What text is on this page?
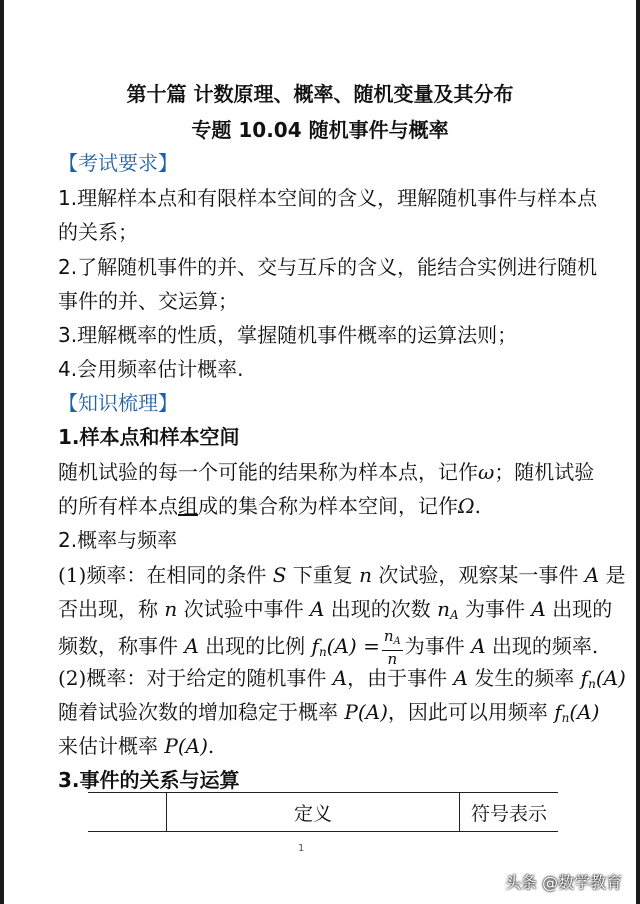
第十篇 计数原理、概率、随机变量及其分布
专题 10.04 随机事件与概率
【考试要求】
1.理解样本点和有限样本空间的含义，理解随机事件与样本点
的关系；
2.了解随机事件的并、交与互斥的含义，能结合实例进行随机
事件的并、交运算；
3.理解概率的性质，掌握随机事件概率的运算法则；
4.会用频率估计概率.
【知识梳理】
1.样本点和样本空间
随机试验的每一个可能的结果称为样本点，记作ω；随机试验
的所有样本点组成的集合称为样本空间，记作Ω.
2.概率与频率
(1)频率：在相同的条件 S 下重复 n 次试验，观察某一事件 A 是
否出现，称 n 次试验中事件 A 出现的次数 $n_A$ 为事件 A 出现的
频数，称事件 A 出现的比例 $f_n(A) = \frac{n_A}{n}$ 为事件 A 出现的频率.
(2)概率：对于给定的随机事件 A，由于事件 A 发生的频率 $f_n(A)$
随着试验次数的增加稳定于概率 P(A)，因此可以用频率 $f_n(A)$
来估计概率 P(A).
3.事件的关系与运算
	定义	符号表示
1
头条 @数学教育
